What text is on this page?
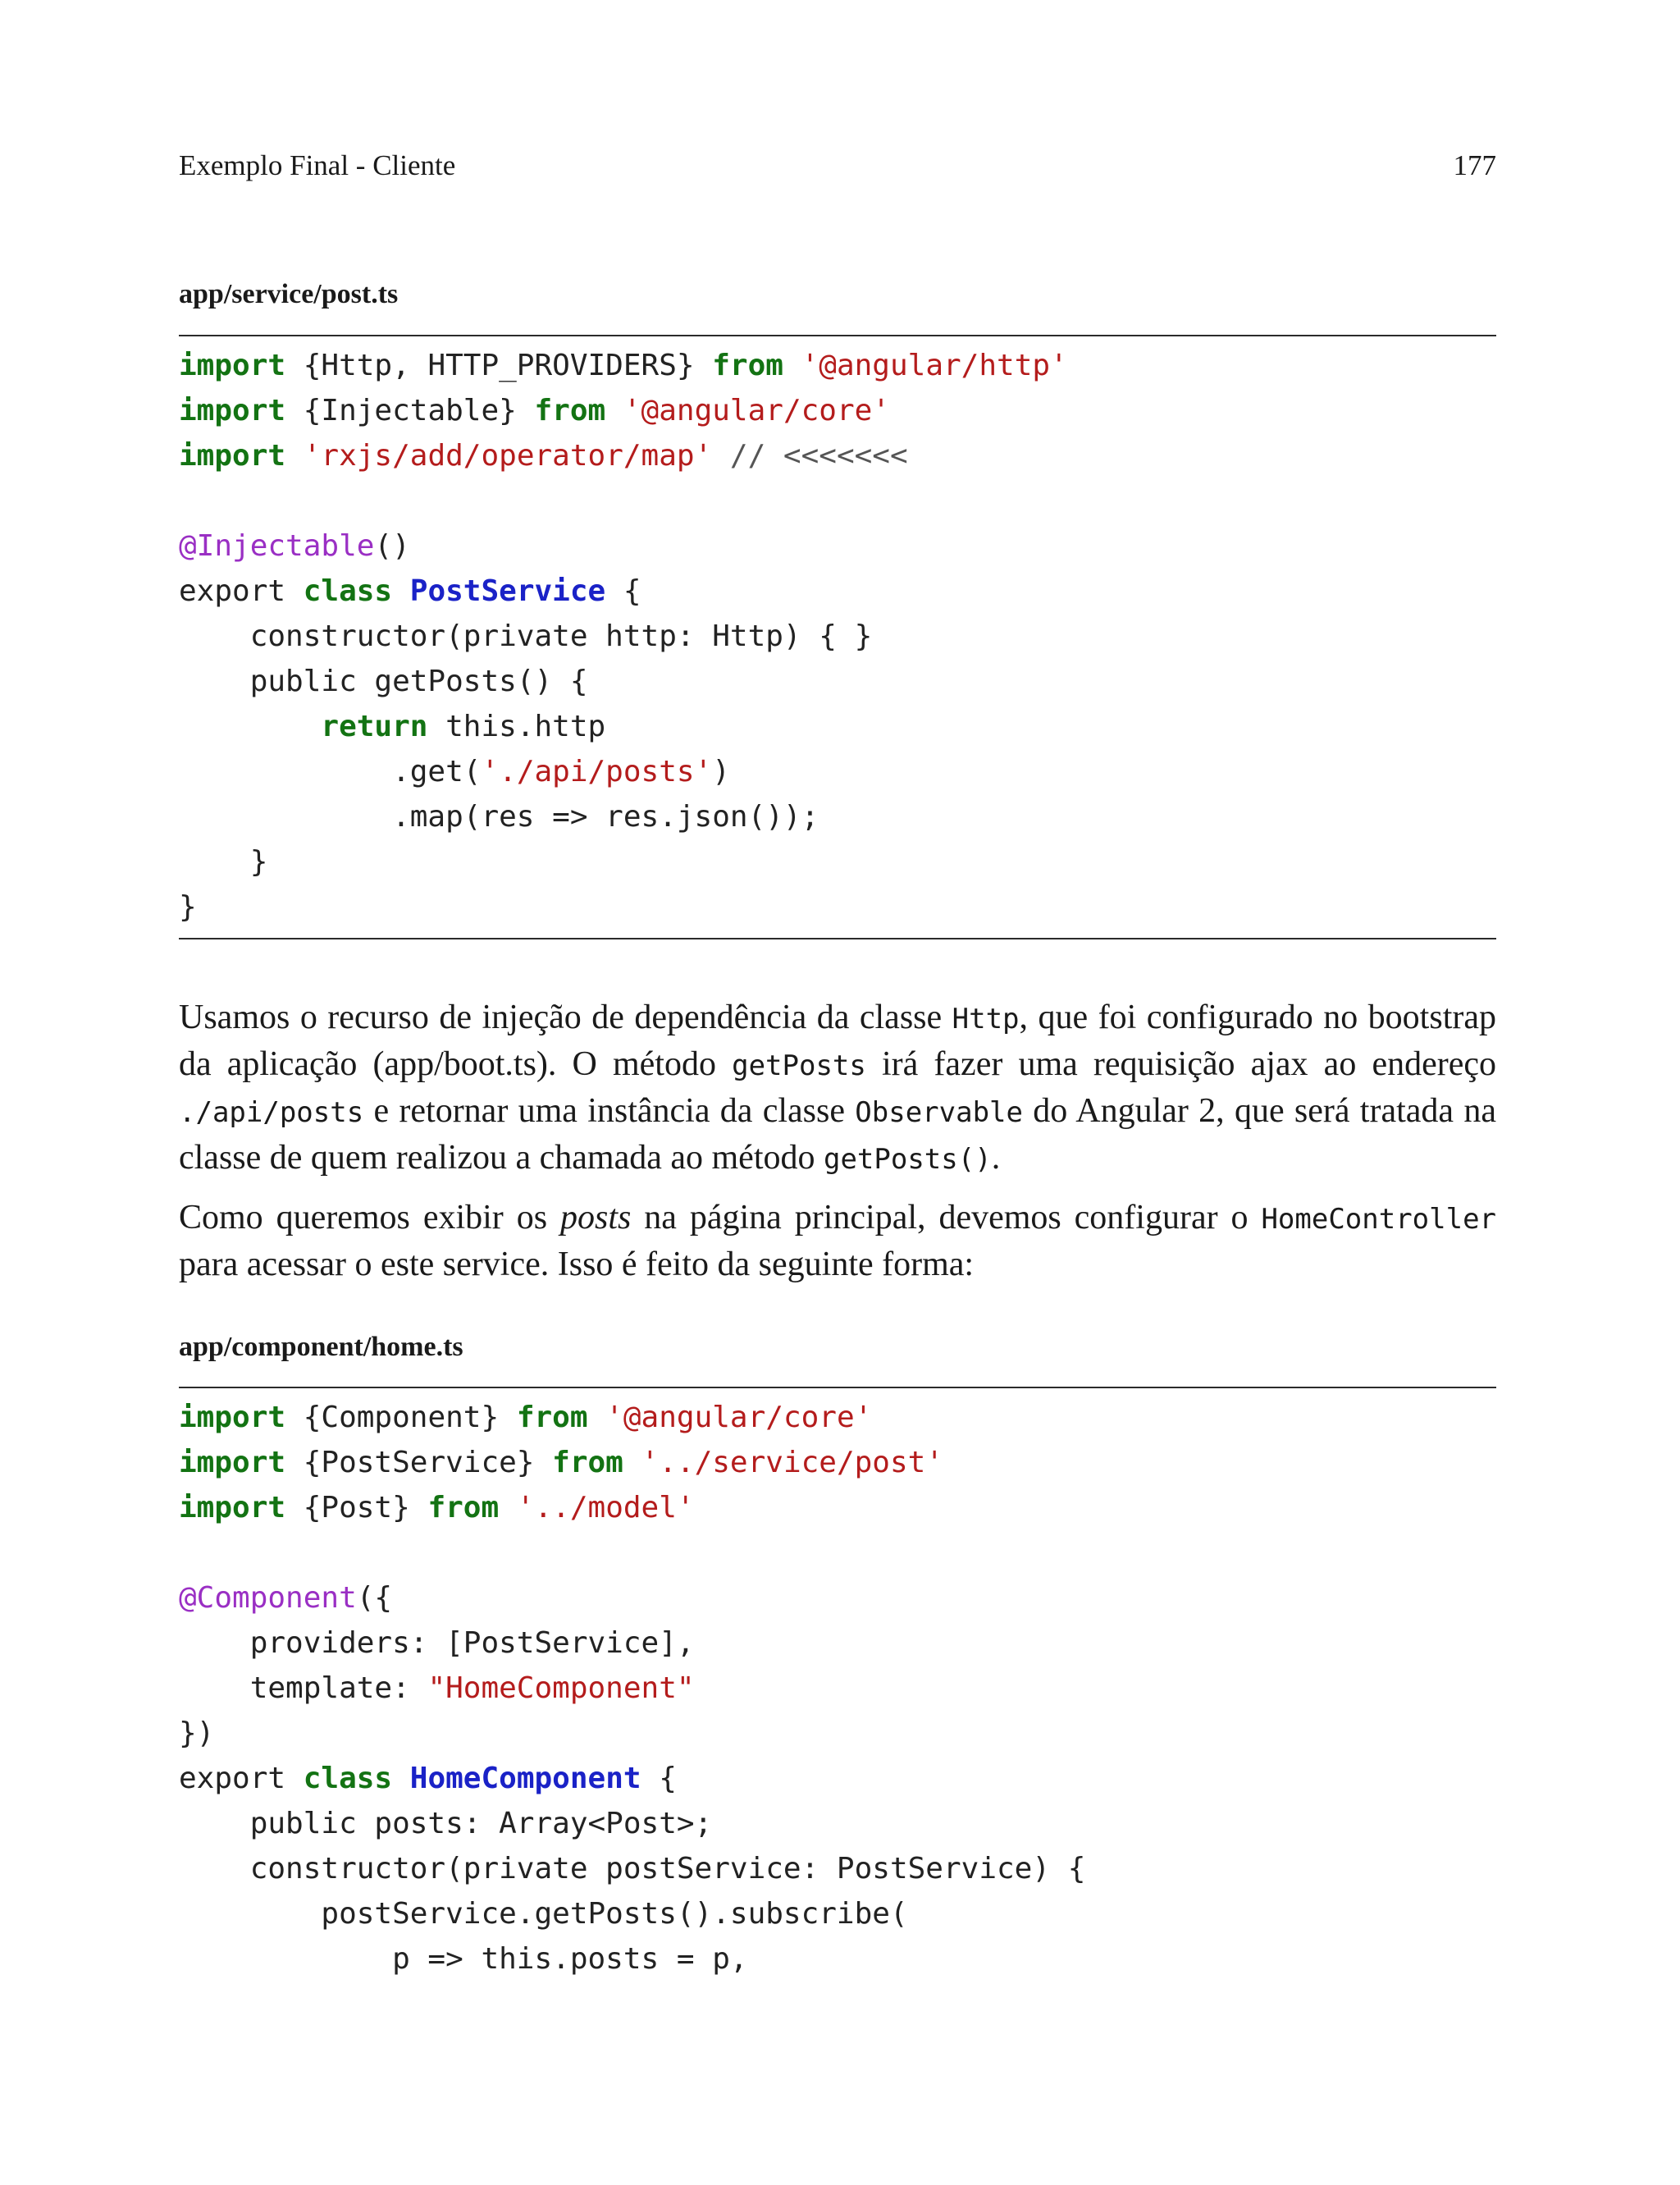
Exemplo Final - Cliente	177
app/service/post.ts
import {Http, HTTP_PROVIDERS} from '@angular/http'
import {Injectable} from '@angular/core'
import 'rxjs/add/operator/map' // <<<<<<<
@Injectable()
export class PostService {
constructor(private http: Http) { }
public getPosts() {
return this.http
.get('./api/posts')
.map(res => res.json());
}
}
Usamos o recurso de injeção de dependência da classe Http, que foi configurado no bootstrap da aplicação (app/boot.ts). O método getPosts irá fazer uma requisição ajax ao endereço ./api/posts e retornar uma instância da classe Observable do Angular 2, que será tratada na classe de quem realizou a chamada ao método getPosts().
Como queremos exibir os posts na página principal, devemos configurar o HomeController para acessar o este service. Isso é feito da seguinte forma:
app/component/home.ts
import {Component} from '@angular/core'
import {PostService} from '../service/post'
import {Post} from '../model'
@Component({
providers: [PostService],
template: "HomeComponent"
})
export class HomeComponent {
public posts: Array<Post>;
constructor(private postService: PostService) {
postService.getPosts().subscribe(
p => this.posts = p,
